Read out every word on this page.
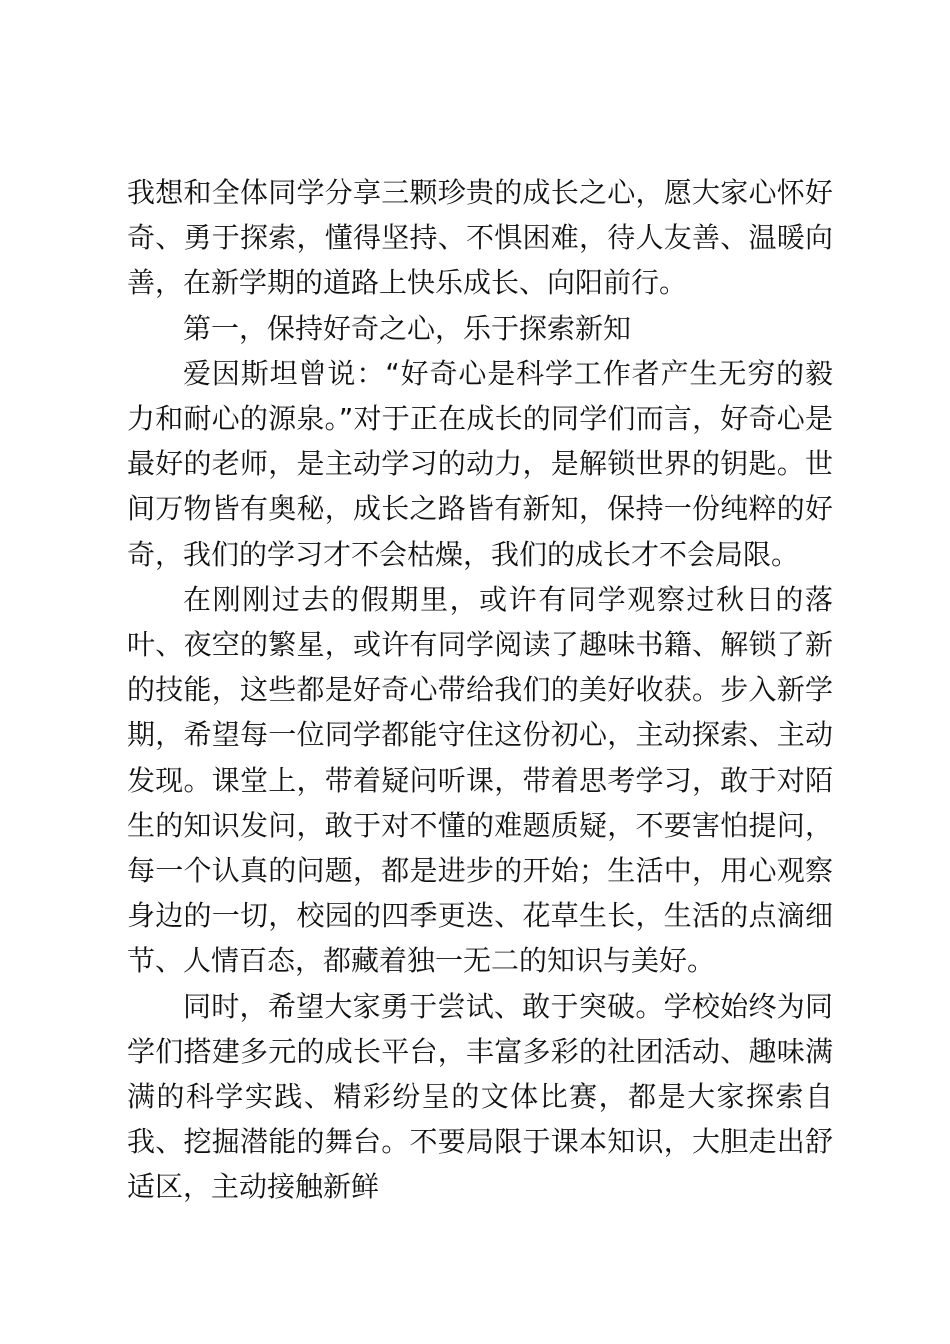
我想和全体同学分享三颗珍贵的成长之心，愿大家心怀好奇、勇于探索，懂得坚持、不惧困难，待人友善、温暖向善，在新学期的道路上快乐成长、向阳前行。

第一，保持好奇之心，乐于探索新知

爱因斯坦曾说：“好奇心是科学工作者产生无穷的毅力和耐心的源泉。”对于正在成长的同学们而言，好奇心是最好的老师，是主动学习的动力，是解锁世界的钥匙。世间万物皆有奥秘，成长之路皆有新知，保持一份纯粹的好奇，我们的学习才不会枯燥，我们的成长才不会局限。

在刚刚过去的假期里，或许有同学观察过秋日的落叶、夜空的繁星，或许有同学阅读了趣味书籍、解锁了新的技能，这些都是好奇心带给我们的美好收获。步入新学期，希望每一位同学都能守住这份初心，主动探索、主动发现。课堂上，带着疑问听课，带着思考学习，敢于对陌生的知识发问，敢于对不懂的难题质疑，不要害怕提问，每一个认真的问题，都是进步的开始；生活中，用心观察身边的一切，校园的四季更迭、花草生长，生活的点滴细节、人情百态，都藏着独一无二的知识与美好。

同时，希望大家勇于尝试、敢于突破。学校始终为同学们搭建多元的成长平台，丰富多彩的社团活动、趣味满满的科学实践、精彩纷呈的文体比赛，都是大家探索自我、挖掘潜能的舞台。不要局限于课本知识，大胆走出舒适区，主动接触新鲜
